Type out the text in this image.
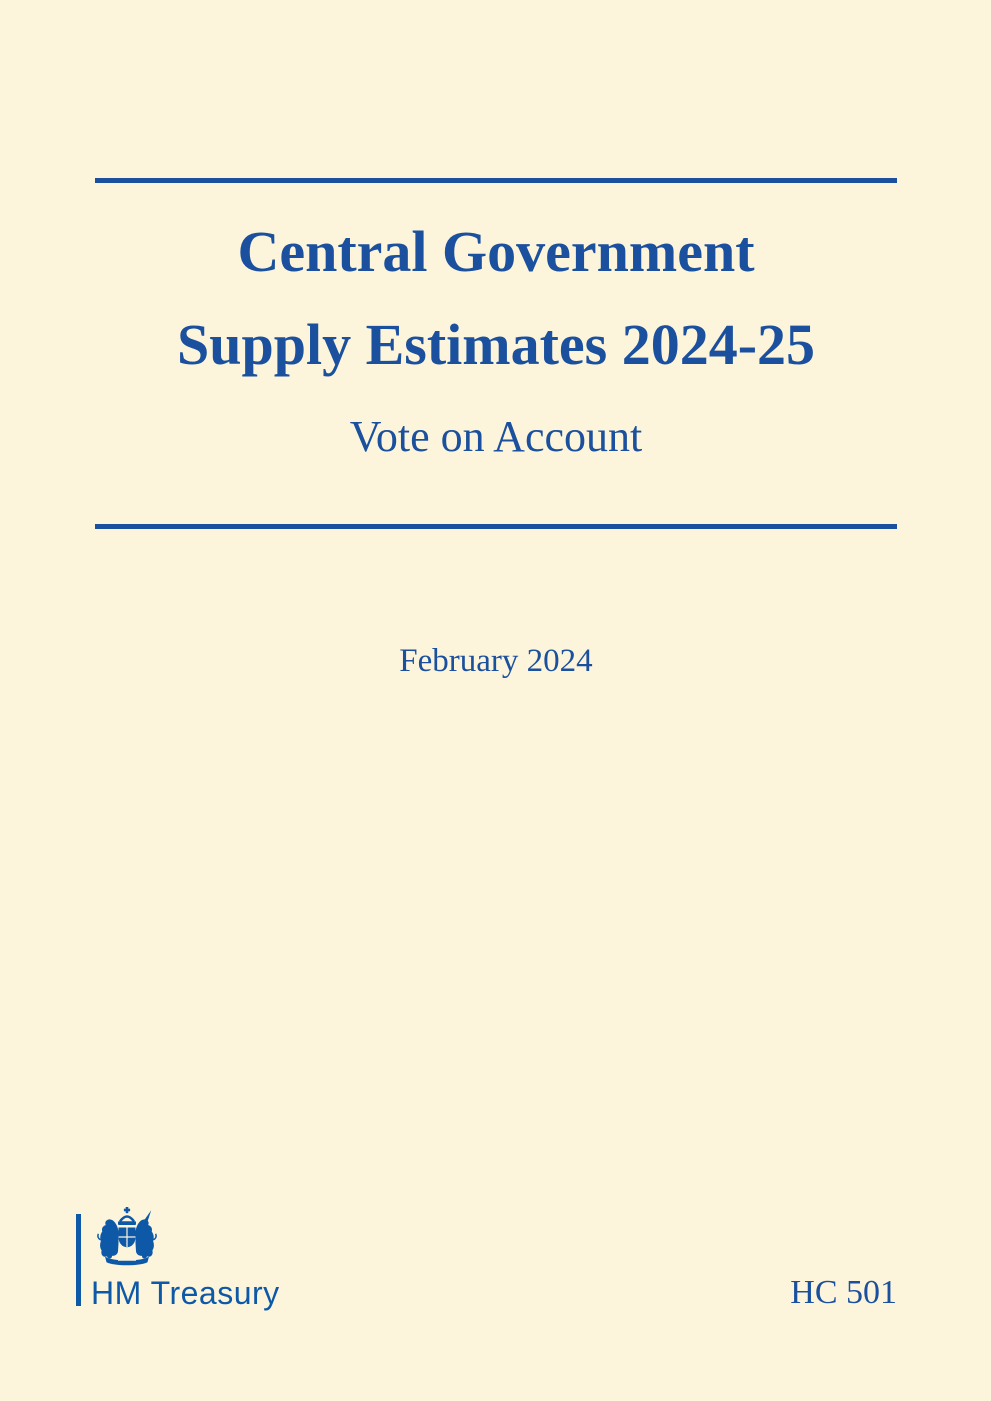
Central Government
Supply Estimates 2024-25
Vote on Account
February 2024
HM Treasury	HC 501
